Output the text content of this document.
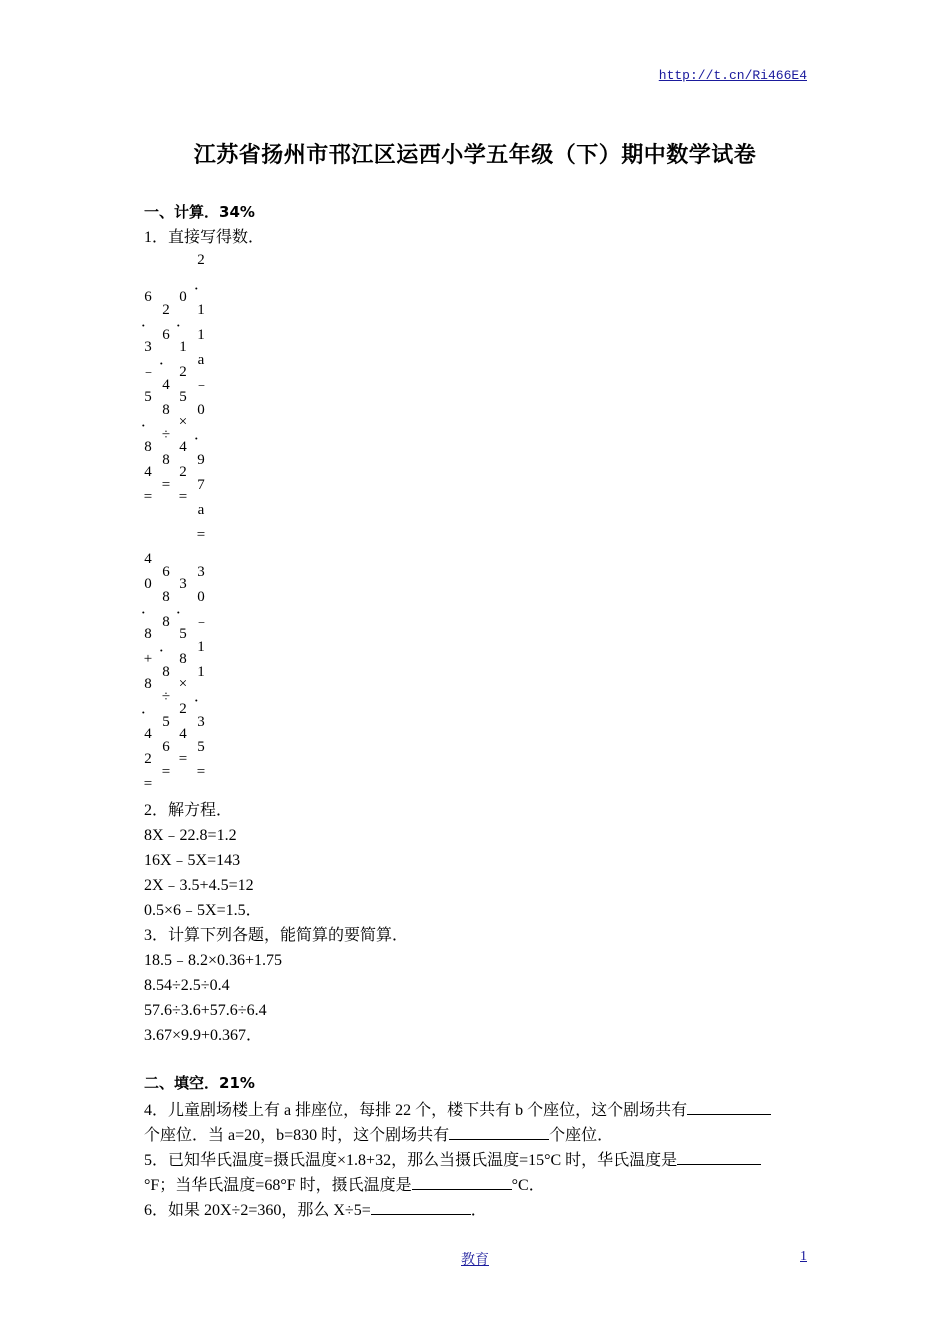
http://t.cn/Ri466E4
江苏省扬州市邗江区运西小学五年级（下）期中数学试卷
一、计算．34%
1．直接写得数．
6
．
3
﹣
5
．
8
4
=
2
6
．
4
8
÷
8
=
0
．
1
2
5
×
4
2
=
2
．
1
1
a
﹣
0
．
9
7
a
=
4
0
．
8
+
8
．
4
2
=
6
8
8
．
8
÷
5
6
=
3
．
5
8
×
2
4
=
3
0
﹣
1
1
．
3
5
=
2．解方程．
8X﹣22.8=1.2
16X﹣5X=143
2X﹣3.5+4.5=12
0.5×6﹣5X=1.5．
3．计算下列各题，能简算的要简算．
18.5﹣8.2×0.36+1.75
8.54÷2.5÷0.4
57.6÷3.6+57.6÷6.4
3.67×9.9+0.367．
二、填空．21%
4．儿童剧场楼上有 a 排座位，每排 22 个，楼下共有 b 个座位，这个剧场共有
个座位．当 a=20，b=830 时，这个剧场共有	个座位．
5．已知华氏温度=摄氏温度×1.8+32，那么当摄氏温度=15°C 时，华氏温度是
°F；当华氏温度=68°F 时，摄氏温度是	°C．
6．如果 20X÷2=360，那么 X÷5=	．
教育	1
